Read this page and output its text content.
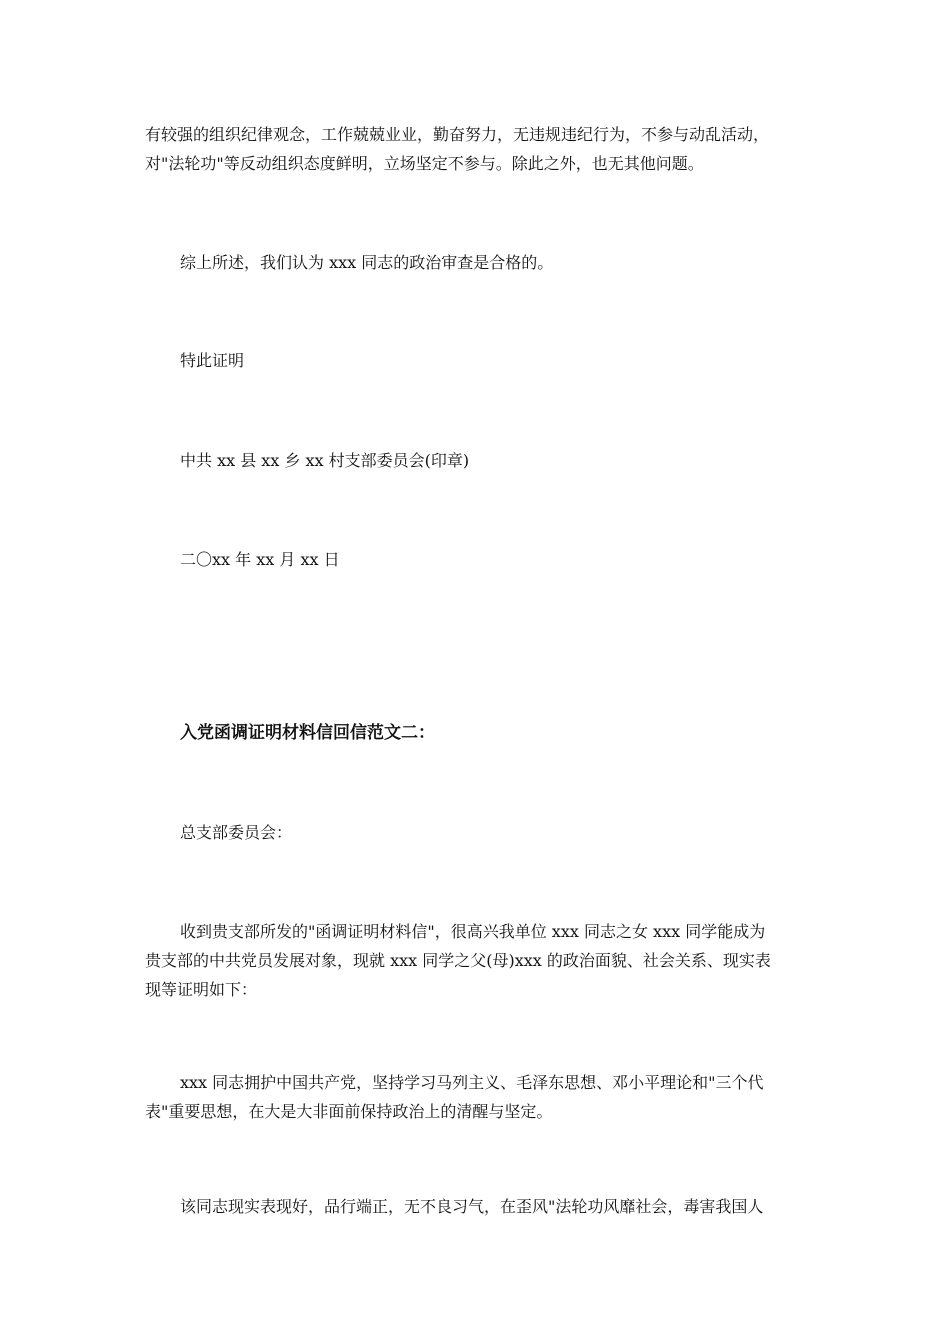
有较强的组织纪律观念，工作兢兢业业，勤奋努力，无违规违纪行为，不参与动乱活动，
对"法轮功"等反动组织态度鲜明，立场坚定不参与。除此之外，也无其他问题。
综上所述，我们认为 xxx 同志的政治审查是合格的。
特此证明
中共 xx 县 xx 乡 xx 村支部委员会(印章)
二〇xx 年 xx 月 xx 日
入党函调证明材料信回信范文二：
总支部委员会：
收到贵支部所发的"函调证明材料信"，很高兴我单位 xxx 同志之女 xxx 同学能成为
贵支部的中共党员发展对象，现就 xxx 同学之父(母)xxx 的政治面貌、社会关系、现实表
现等证明如下：
xxx 同志拥护中国共产党，坚持学习马列主义、毛泽东思想、邓小平理论和"三个代
表"重要思想，在大是大非面前保持政治上的清醒与坚定。
该同志现实表现好，品行端正，无不良习气，在歪风"法轮功风靡社会，毒害我国人
